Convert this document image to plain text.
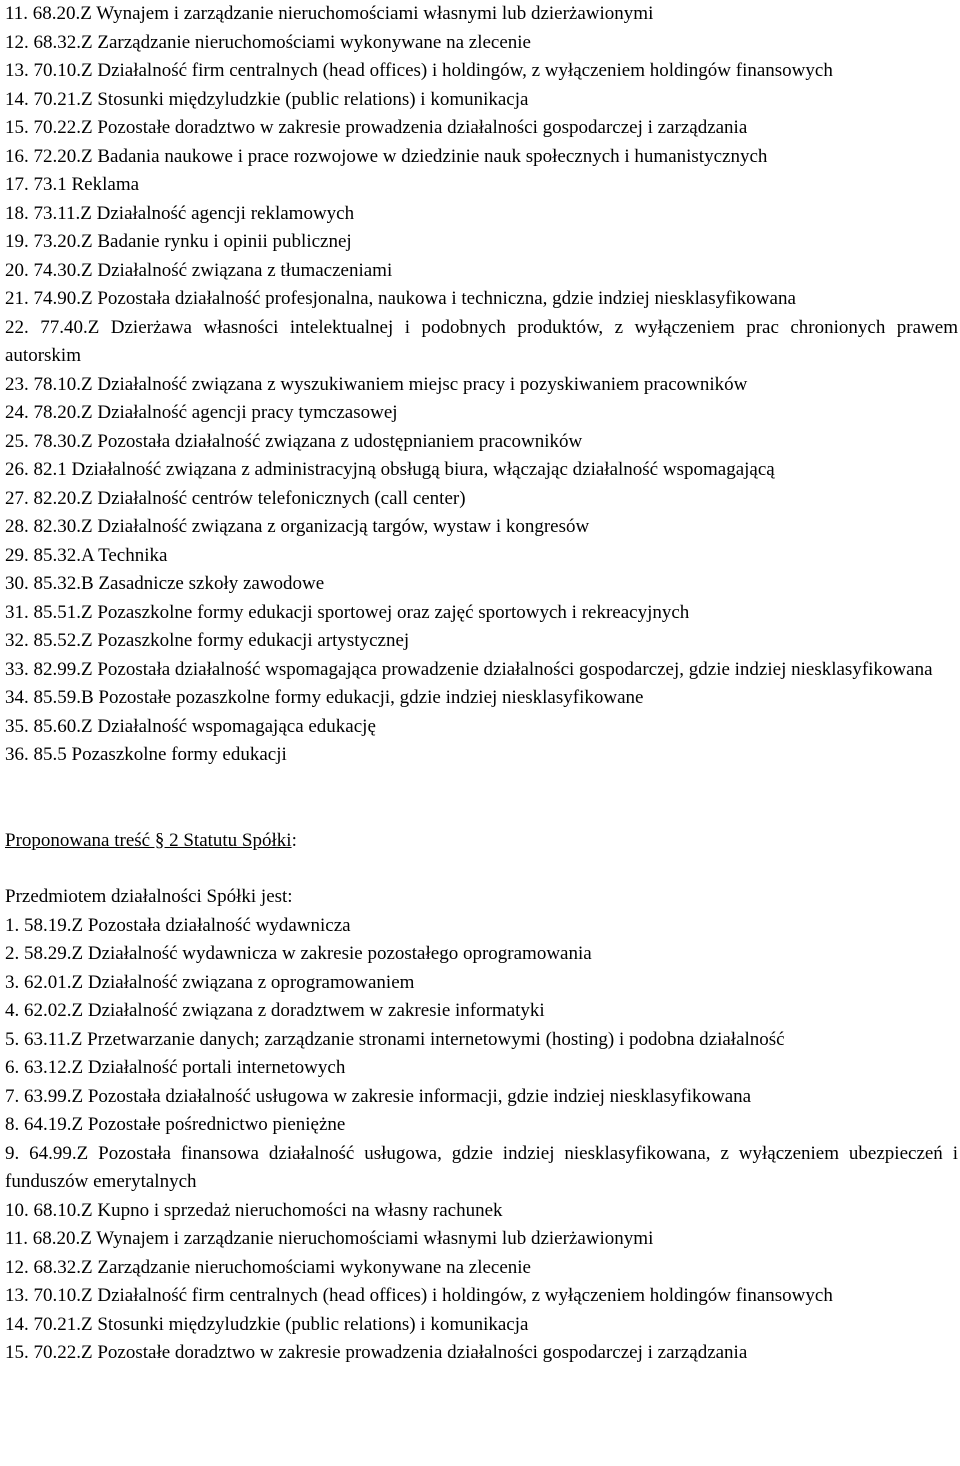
11. 68.20.Z Wynajem i zarządzanie nieruchomościami własnymi lub dzierżawionymi
12. 68.32.Z Zarządzanie nieruchomościami wykonywane na zlecenie
13. 70.10.Z Działalność firm centralnych (head offices) i holdingów, z wyłączeniem holdingów finansowych
14. 70.21.Z Stosunki międzyludzkie (public relations) i komunikacja
15. 70.22.Z Pozostałe doradztwo w zakresie prowadzenia działalności gospodarczej i zarządzania
16. 72.20.Z Badania naukowe i prace rozwojowe w dziedzinie nauk społecznych i humanistycznych
17. 73.1 Reklama
18. 73.11.Z Działalność agencji reklamowych
19. 73.20.Z Badanie rynku i opinii publicznej
20. 74.30.Z Działalność związana z tłumaczeniami
21. 74.90.Z Pozostała działalność profesjonalna, naukowa i techniczna, gdzie indziej niesklasyfikowana
22. 77.40.Z Dzierżawa własności intelektualnej i podobnych produktów, z wyłączeniem prac chronionych prawem autorskim
23. 78.10.Z Działalność związana z wyszukiwaniem miejsc pracy i pozyskiwaniem pracowników
24. 78.20.Z Działalność agencji pracy tymczasowej
25. 78.30.Z Pozostała działalność związana z udostępnianiem pracowników
26. 82.1 Działalność związana z administracyjną obsługą biura, włączając działalność wspomagającą
27. 82.20.Z Działalność centrów telefonicznych (call center)
28. 82.30.Z Działalność związana z organizacją targów, wystaw i kongresów
29. 85.32.A Technika
30. 85.32.B Zasadnicze szkoły zawodowe
31. 85.51.Z Pozaszkolne formy edukacji sportowej oraz zajęć sportowych i rekreacyjnych
32. 85.52.Z Pozaszkolne formy edukacji artystycznej
33. 82.99.Z Pozostała działalność wspomagająca prowadzenie działalności gospodarczej, gdzie indziej niesklasyfikowana
34. 85.59.B Pozostałe pozaszkolne formy edukacji, gdzie indziej niesklasyfikowane
35. 85.60.Z Działalność wspomagająca edukację
36. 85.5 Pozaszkolne formy edukacji
Proponowana treść § 2 Statutu Spółki:
Przedmiotem działalności Spółki jest:
1. 58.19.Z Pozostała działalność wydawnicza
2. 58.29.Z Działalność wydawnicza w zakresie pozostałego oprogramowania
3. 62.01.Z Działalność związana z oprogramowaniem
4. 62.02.Z Działalność związana z doradztwem w zakresie informatyki
5. 63.11.Z Przetwarzanie danych; zarządzanie stronami internetowymi (hosting) i podobna działalność
6. 63.12.Z Działalność portali internetowych
7. 63.99.Z Pozostała działalność usługowa w zakresie informacji, gdzie indziej niesklasyfikowana
8. 64.19.Z Pozostałe pośrednictwo pieniężne
9. 64.99.Z Pozostała finansowa działalność usługowa, gdzie indziej niesklasyfikowana, z wyłączeniem ubezpieczeń i funduszów emerytalnych
10. 68.10.Z Kupno i sprzedaż nieruchomości na własny rachunek
11. 68.20.Z Wynajem i zarządzanie nieruchomościami własnymi lub dzierżawionymi
12. 68.32.Z Zarządzanie nieruchomościami wykonywane na zlecenie
13. 70.10.Z Działalność firm centralnych (head offices) i holdingów, z wyłączeniem holdingów finansowych
14. 70.21.Z Stosunki międzyludzkie (public relations) i komunikacja
15. 70.22.Z Pozostałe doradztwo w zakresie prowadzenia działalności gospodarczej i zarządzania
